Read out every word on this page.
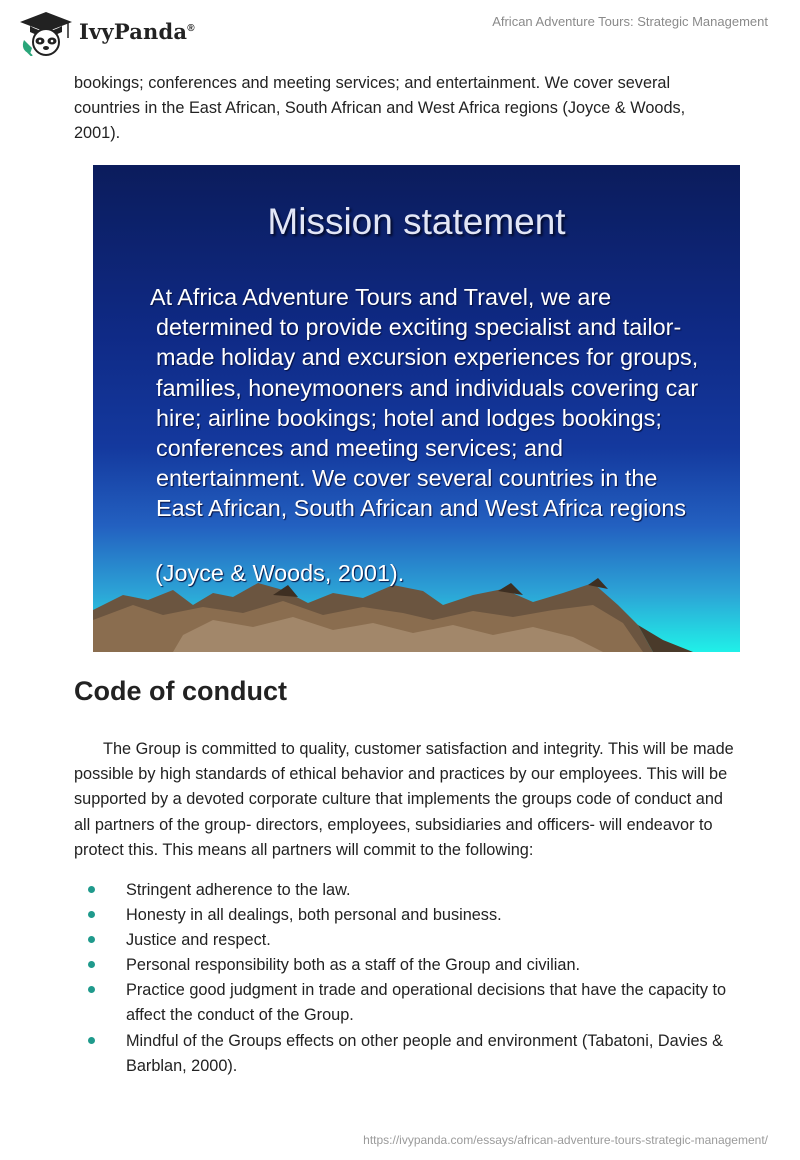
IvyPanda®	African Adventure Tours: Strategic Management
bookings; conferences and meeting services; and entertainment. We cover several countries in the East African, South African and West Africa regions (Joyce & Woods, 2001).
Mission statement
At Africa Adventure Tours and Travel, we are
determined to provide exciting specialist and tailor-made holiday and excursion experiences for groups, families, honeymooners and individuals covering car hire; airline bookings; hotel and lodges bookings; conferences and meeting services; and entertainment. We cover several countries in the East African, South African and West Africa regions
(Joyce & Woods, 2001).
Code of conduct
The Group is committed to quality, customer satisfaction and integrity. This will be made possible by high standards of ethical behavior and practices by our employees. This will be supported by a devoted corporate culture that implements the groups code of conduct and all partners of the group- directors, employees, subsidiaries and officers- will endeavor to protect this. This means all partners will commit to the following:
Stringent adherence to the law.
Honesty in all dealings, both personal and business.
Justice and respect.
Personal responsibility both as a staff of the Group and civilian.
Practice good judgment in trade and operational decisions that have the capacity to affect the conduct of the Group.
Mindful of the Groups effects on other people and environment (Tabatoni, Davies & Barblan, 2000).
https://ivypanda.com/essays/african-adventure-tours-strategic-management/
